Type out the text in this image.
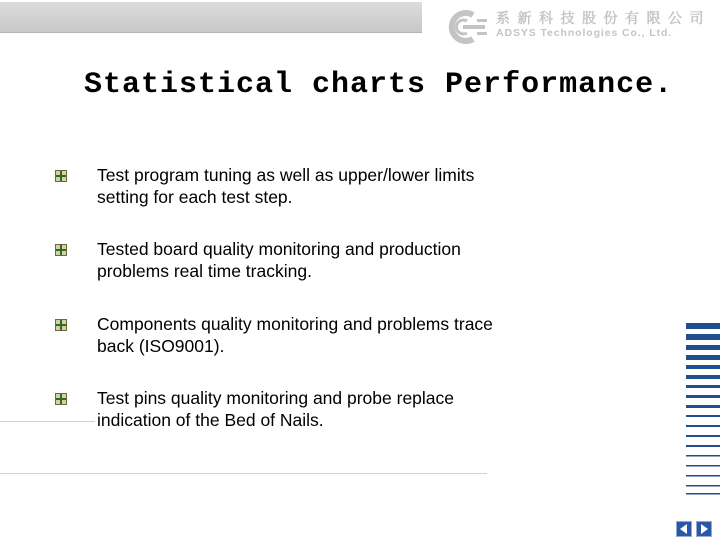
系新科技股份有限公司
ADSYS Technologies Co., Ltd.
Statistical charts Performance.
Test program tuning as well as upper/lower limits
setting for each test step.
Tested board quality monitoring and production
problems real time tracking.
Components quality monitoring and problems trace
back (ISO9001).
Test pins quality monitoring and probe replace
indication of the Bed of Nails.
